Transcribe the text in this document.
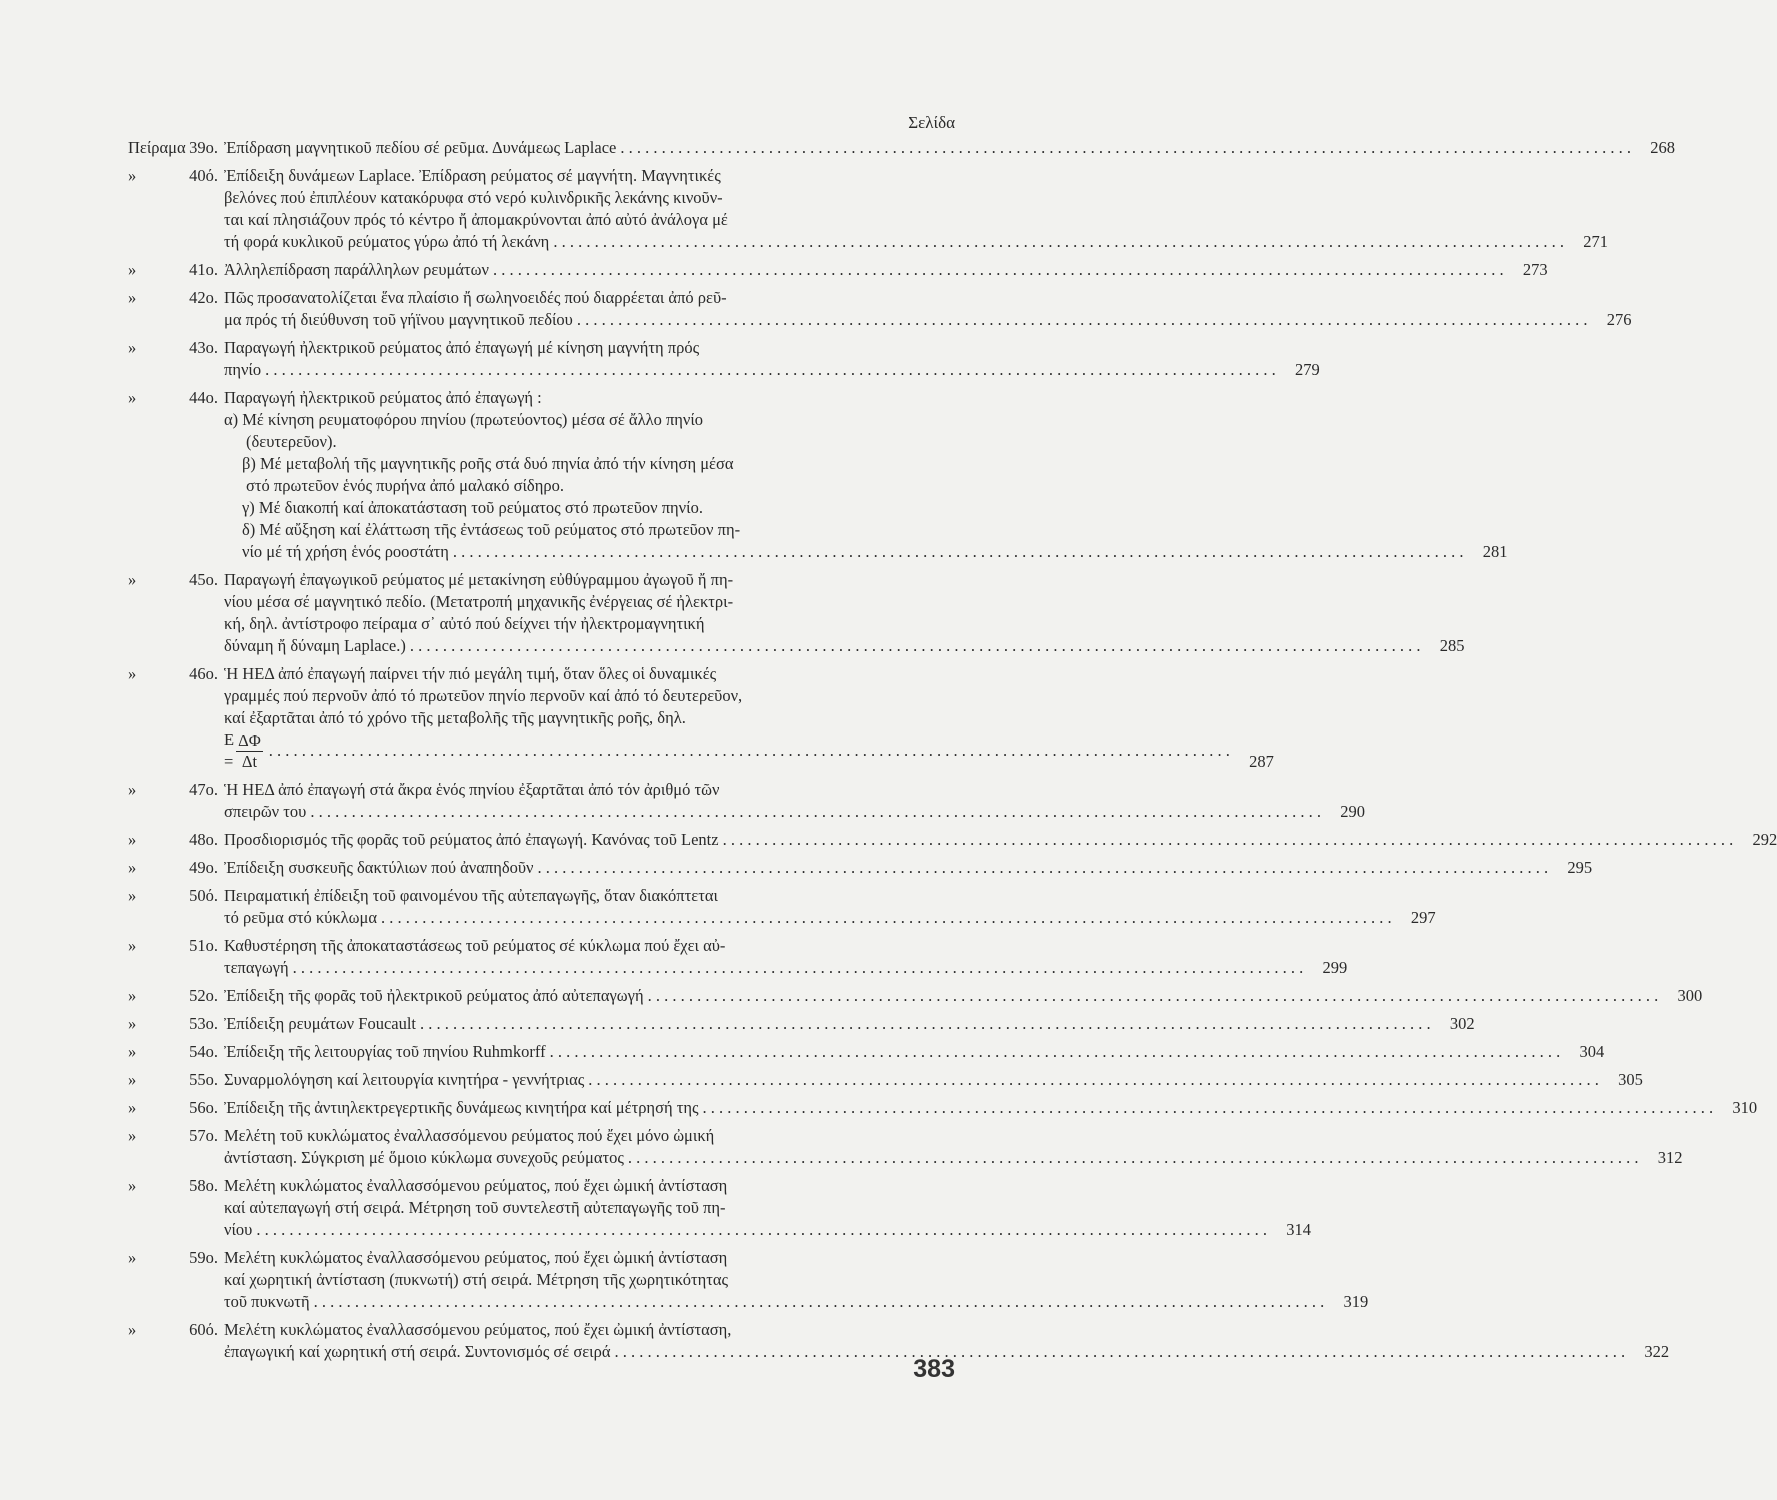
Σελίδα
Πείραμα 39ο. Ἐπίδραση μαγνητικοῦ πεδίου σέ ρεῦμα. Δυνάμεως Laplace . . .	268
»	40ό. Ἐπίδειξη δυνάμεων Laplace. Ἐπίδραση ρεύματος σέ μαγνήτη. Μαγνητικές
βελόνες πού ἐπιπλέουν κατακόρυφα στό νερό κυλινδρικῆς λεκάνης κινοῦν-
ται καί πλησιάζουν πρός τό κέντρο ἤ ἀπομακρύνονται ἀπό αὐτό ἀνάλογα μέ
τή φορά κυκλικοῦ ρεύματος γύρω ἀπό τή λεκάνη . . .	271
»	41ο. Ἀλληλεπίδραση παράλληλων ρευμάτων . . .	273
»	42ο. Πῶς προσανατολίζεται ἕνα πλαίσιο ἤ σωληνοειδές πού διαρρέεται ἀπό ρεῦ-
μα πρός τή διεύθυνση τοῦ γήϊνου μαγνητικοῦ πεδίου . . .	276
»	43ο. Παραγωγή ἠλεκτρικοῦ ρεύματος ἀπό ἐπαγωγή μέ κίνηση μαγνήτη πρός
πηνίο . . .	279
»	44ο. Παραγωγή ἠλεκτρικοῦ ρεύματος ἀπό ἐπαγωγή :
α) Μέ κίνηση ρευματοφόρου πηνίου (πρωτεύοντος) μέσα σέ ἄλλο πηνίο
(δευτερεῦον).
β) Μέ μεταβολή τῆς μαγνητικῆς ροῆς στά δυό πηνία ἀπό τήν κίνηση μέσα
στό πρωτεῦον ἑνός πυρήνα ἀπό μαλακό σίδηρο.
γ) Μέ διακοπή καί ἀποκατάσταση τοῦ ρεύματος στό πρωτεῦον πηνίο.
δ) Μέ αὔξηση καί ἐλάττωση τῆς ἐντάσεως τοῦ ρεύματος στό πρωτεῦον πη-
νίο μέ τή χρήση ἑνός ροοστάτη . . .	281
»	45ο. Παραγωγή ἐπαγωγικοῦ ρεύματος μέ μετακίνηση εὐθύγραμμου ἀγωγοῦ ἤ πη-
νίου μέσα σέ μαγνητικό πεδίο. (Μετατροπή μηχανικῆς ἐνέργειας σέ ἠλεκτρι-
κή, δηλ. ἀντίστροφο πείραμα σ᾽ αὐτό πού δείχνει τήν ἠλεκτρομαγνητική
δύναμη ἤ δύναμη Laplace.) . . .	285
»	46ο. Ἡ ΗΕΔ ἀπό ἐπαγωγή παίρνει τήν πιό μεγάλη τιμή, ὅταν ὅλες οἱ δυναμικές
γραμμές πού περνοῦν ἀπό τό πρωτεῦον πηνίο περνοῦν καί ἀπό τό δευτερεῦον,
καί ἐξαρτᾶται ἀπό τό χρόνο τῆς μεταβολῆς τῆς μαγνητικῆς ροῆς, δηλ.
$E = \frac{\Delta\Phi}{\Delta t}$ . . .	287
»	47ο. Ἡ ΗΕΔ ἀπό ἐπαγωγή στά ἄκρα ἑνός πηνίου ἐξαρτᾶται ἀπό τόν ἀριθμό τῶν
σπειρῶν του . . .	290
»	48ο. Προσδιορισμός τῆς φορᾶς τοῦ ρεύματος ἀπό ἐπαγωγή. Κανόνας τοῦ Lentz . . .	292
»	49ο. Ἐπίδειξη συσκευῆς δακτύλιων πού ἀναπηδοῦν . . .	295
»	50ό. Πειραματική ἐπίδειξη τοῦ φαινομένου τῆς αὐτεπαγωγῆς, ὅταν διακόπτεται
τό ρεῦμα στό κύκλωμα . . .	297
»	51ο. Καθυστέρηση τῆς ἀποκαταστάσεως τοῦ ρεύματος σέ κύκλωμα πού ἔχει αὐ-
τεπαγωγή . . .	299
»	52ο. Ἐπίδειξη τῆς φορᾶς τοῦ ἠλεκτρικοῦ ρεύματος ἀπό αὐτεπαγωγή . . .	300
»	53ο. Ἐπίδειξη ρευμάτων Foucault . . .	302
»	54ο. Ἐπίδειξη τῆς λειτουργίας τοῦ πηνίου Ruhmkorff . . .	304
»	55ο. Συναρμολόγηση καί λειτουργία κινητήρα - γεννήτριας . . .	305
»	56ο. Ἐπίδειξη τῆς ἀντιηλεκτρεγερτικῆς δυνάμεως κινητήρα καί μέτρησή της . . .	310
»	57ο. Μελέτη τοῦ κυκλώματος ἐναλλασσόμενου ρεύματος πού ἔχει μόνο ὠμική
ἀντίσταση. Σύγκριση μέ ὅμοιο κύκλωμα συνεχοῦς ρεύματος . . .	312
»	58ο. Μελέτη κυκλώματος ἐναλλασσόμενου ρεύματος, πού ἔχει ὠμική ἀντίσταση
καί αὐτεπαγωγή στή σειρά. Μέτρηση τοῦ συντελεστῆ αὐτεπαγωγῆς τοῦ πη-
νίου . . .	314
»	59ο. Μελέτη κυκλώματος ἐναλλασσόμενου ρεύματος, πού ἔχει ὠμική ἀντίσταση
καί χωρητική ἀντίσταση (πυκνωτή) στή σειρά. Μέτρηση τῆς χωρητικότητας
τοῦ πυκνωτῆ . . .	319
»	60ό. Μελέτη κυκλώματος ἐναλλασσόμενου ρεύματος, πού ἔχει ὠμική ἀντίσταση,
ἐπαγωγική καί χωρητική στή σειρά. Συντονισμός σέ σειρά . . .	322
383
